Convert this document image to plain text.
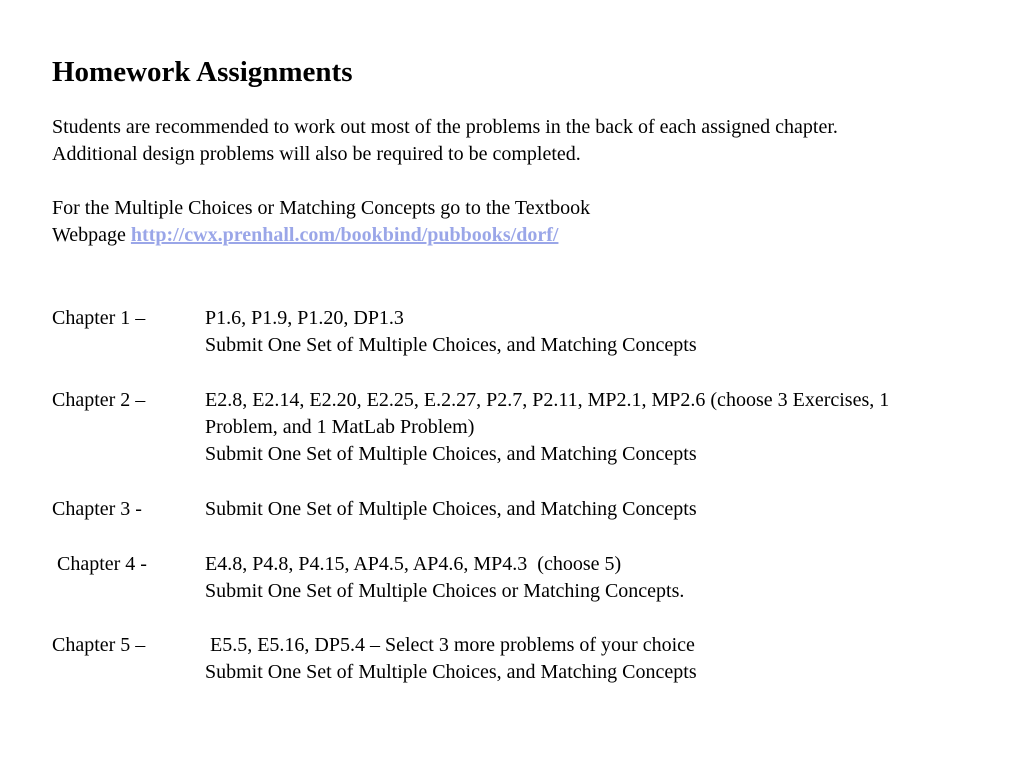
Homework Assignments
Students are recommended to work out most of the problems in the back of each assigned chapter.
Additional design problems will also be required to be completed.
For the Multiple Choices or Matching Concepts go to the Textbook
Webpage http://cwx.prenhall.com/bookbind/pubbooks/dorf/
Chapter 1 –	P1.6, P1.9, P1.20, DP1.3
Submit One Set of Multiple Choices, and Matching Concepts
Chapter 2 –	E2.8, E2.14, E2.20, E2.25, E.2.27, P2.7, P2.11, MP2.1, MP2.6 (choose 3 Exercises, 1
Problem, and 1 MatLab Problem)
Submit One Set of Multiple Choices, and Matching Concepts
Chapter 3 -	Submit One Set of Multiple Choices, and Matching Concepts
Chapter 4 -	E4.8, P4.8, P4.15, AP4.5, AP4.6, MP4.3  (choose 5)
Submit One Set of Multiple Choices or Matching Concepts.
Chapter 5 –	E5.5, E5.16, DP5.4 – Select 3 more problems of your choice
Submit One Set of Multiple Choices, and Matching Concepts
